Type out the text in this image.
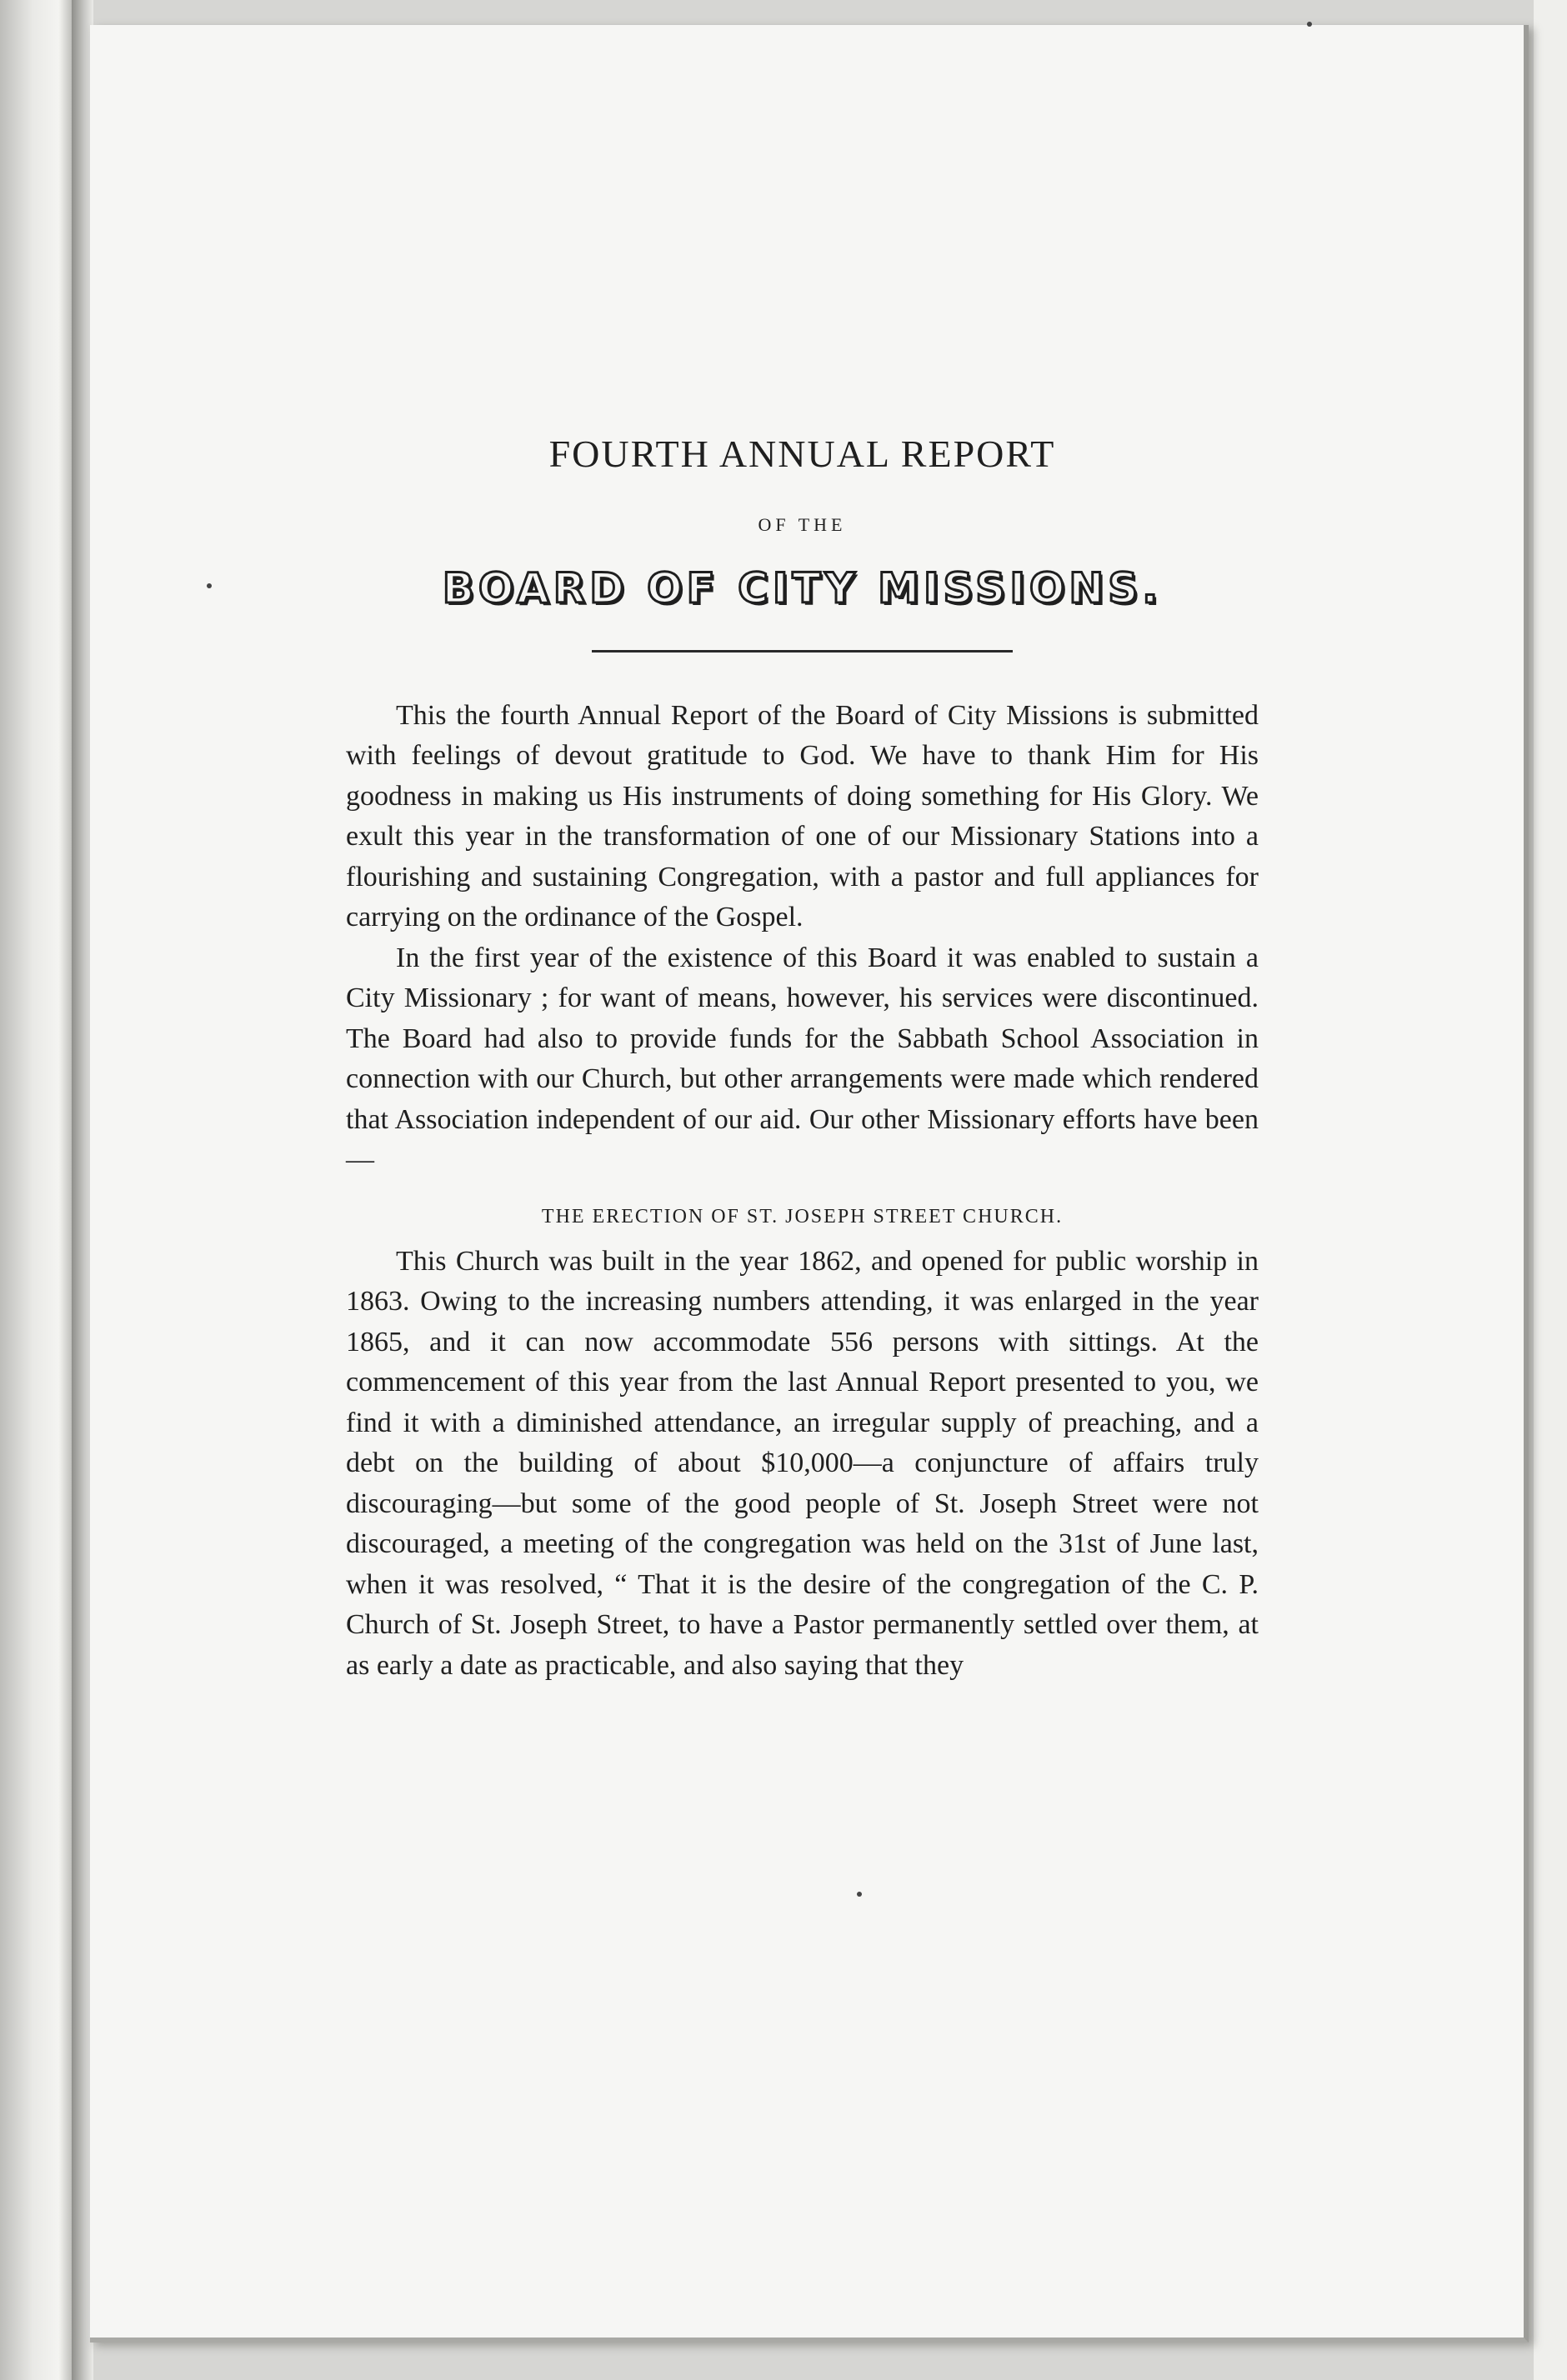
FOURTH ANNUAL REPORT
OF THE
BOARD OF CITY MISSIONS.

This the fourth Annual Report of the Board of City Missions is submitted with feelings of devout gratitude to God. We have to thank Him for His goodness in making us His instruments of doing something for His Glory. We exult this year in the transformation of one of our Missionary Stations into a flourishing and sustaining Congregation, with a pastor and full appliances for carrying on the ordinance of the Gospel.

In the first year of the existence of this Board it was enabled to sustain a City Missionary ; for want of means, however, his services were discontinued. The Board had also to provide funds for the Sabbath School Association in connection with our Church, but other arrangements were made which rendered that Association independent of our aid. Our other Missionary efforts have been—

THE ERECTION OF ST. JOSEPH STREET CHURCH.

This Church was built in the year 1862, and opened for public worship in 1863. Owing to the increasing numbers attending, it was enlarged in the year 1865, and it can now accommodate 556 persons with sittings. At the commencement of this year from the last Annual Report presented to you, we find it with a diminished attendance, an irregular supply of preaching, and a debt on the building of about $10,000—a conjuncture of affairs truly discouraging—but some of the good people of St. Joseph Street were not discouraged, a meeting of the congregation was held on the 31st of June last, when it was resolved, “ That it is the desire of the congregation of the C. P. Church of St. Joseph Street, to have a Pastor permanently settled over them, at as early a date as practicable, and also saying that they
